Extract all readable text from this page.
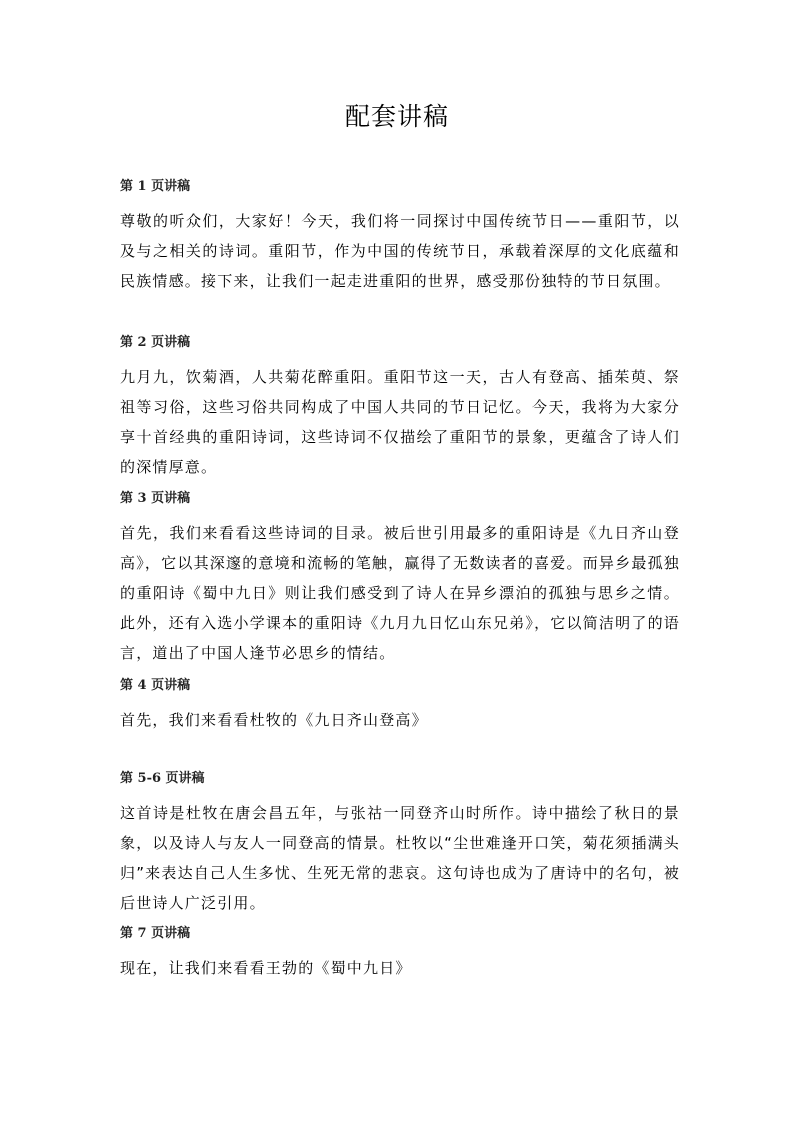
配套讲稿
第 1 页讲稿

尊敬的听众们，大家好！今天，我们将一同探讨中国传统节日——重阳节，以及与之相关的诗词。重阳节，作为中国的传统节日，承载着深厚的文化底蕴和民族情感。接下来，让我们一起走进重阳的世界，感受那份独特的节日氛围。

第 2 页讲稿

九月九，饮菊酒，人共菊花醉重阳。重阳节这一天，古人有登高、插茱萸、祭祖等习俗，这些习俗共同构成了中国人共同的节日记忆。今天，我将为大家分享十首经典的重阳诗词，这些诗词不仅描绘了重阳节的景象，更蕴含了诗人们的深情厚意。

第 3 页讲稿

首先，我们来看看这些诗词的目录。被后世引用最多的重阳诗是《九日齐山登高》，它以其深邃的意境和流畅的笔触，赢得了无数读者的喜爱。而异乡最孤独的重阳诗《蜀中九日》则让我们感受到了诗人在异乡漂泊的孤独与思乡之情。此外，还有入选小学课本的重阳诗《九月九日忆山东兄弟》，它以简洁明了的语言，道出了中国人逢节必思乡的情结。

第 4 页讲稿

首先，我们来看看杜牧的《九日齐山登高》

第 5-6 页讲稿

这首诗是杜牧在唐会昌五年，与张祜一同登齐山时所作。诗中描绘了秋日的景象，以及诗人与友人一同登高的情景。杜牧以“尘世难逢开口笑，菊花须插满头归”来表达自己人生多忧、生死无常的悲哀。这句诗也成为了唐诗中的名句，被后世诗人广泛引用。

第 7 页讲稿

现在，让我们来看看王勃的《蜀中九日》
